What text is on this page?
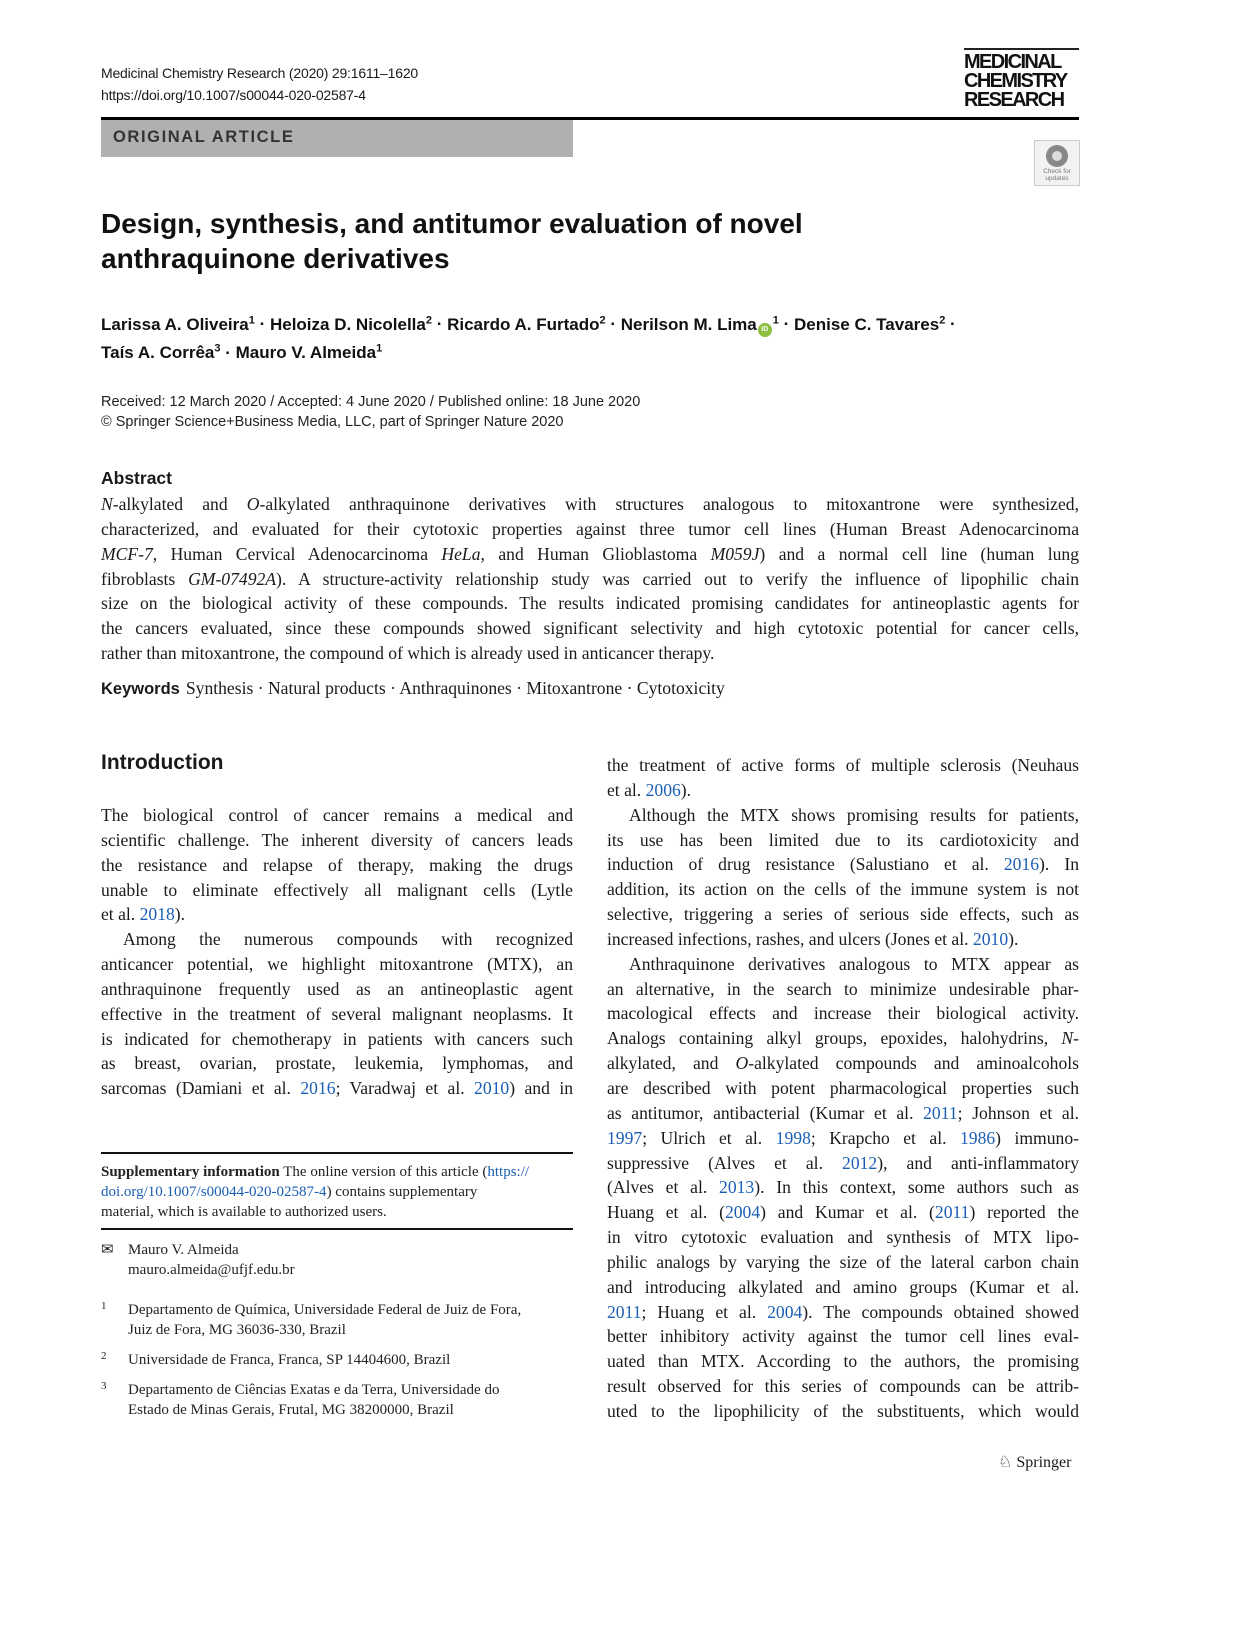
Medicinal Chemistry Research (2020) 29:1611–1620
https://doi.org/10.1007/s00044-020-02587-4
MEDICINAL
CHEMISTRY
RESEARCH
ORIGINAL ARTICLE
Check for updates
Design, synthesis, and antitumor evaluation of novel anthraquinone derivatives
Larissa A. Oliveira$^1$ · Heloiza D. Nicolella$^2$ · Ricardo A. Furtado$^2$ · Nerilson M. Lima $iD^1$ · Denise C. Tavares$^2$ ·
Taís A. Corrêa$^3$ · Mauro V. Almeida$^1$
Received: 12 March 2020 / Accepted: 4 June 2020 / Published online: 18 June 2020
© Springer Science+Business Media, LLC, part of Springer Nature 2020
Abstract
N-alkylated and O-alkylated anthraquinone derivatives with structures analogous to mitoxantrone were synthesized,
characterized, and evaluated for their cytotoxic properties against three tumor cell lines (Human Breast Adenocarcinoma
MCF-7, Human Cervical Adenocarcinoma HeLa, and Human Glioblastoma M059J) and a normal cell line (human lung
fibroblasts GM-07492A). A structure-activity relationship study was carried out to verify the influence of lipophilic chain
size on the biological activity of these compounds. The results indicated promising candidates for antineoplastic agents for
the cancers evaluated, since these compounds showed significant selectivity and high cytotoxic potential for cancer cells,
rather than mitoxantrone, the compound of which is already used in anticancer therapy.
Keywords Synthesis · Natural products · Anthraquinones · Mitoxantrone · Cytotoxicity
Introduction
The biological control of cancer remains a medical and
scientific challenge. The inherent diversity of cancers leads
the resistance and relapse of therapy, making the drugs
unable to eliminate effectively all malignant cells (Lytle
et al. 2018).
Among the numerous compounds with recognized
anticancer potential, we highlight mitoxantrone (MTX), an
anthraquinone frequently used as an antineoplastic agent
effective in the treatment of several malignant neoplasms. It
is indicated for chemotherapy in patients with cancers such
as breast, ovarian, prostate, leukemia, lymphomas, and
sarcomas (Damiani et al. 2016; Varadwaj et al. 2010) and in
the treatment of active forms of multiple sclerosis (Neuhaus
et al. 2006).
Although the MTX shows promising results for patients,
its use has been limited due to its cardiotoxicity and
induction of drug resistance (Salustiano et al. 2016). In
addition, its action on the cells of the immune system is not
selective, triggering a series of serious side effects, such as
increased infections, rashes, and ulcers (Jones et al. 2010).
Anthraquinone derivatives analogous to MTX appear as
an alternative, in the search to minimize undesirable phar-
macological effects and increase their biological activity.
Analogs containing alkyl groups, epoxides, halohydrins, N-
alkylated, and O-alkylated compounds and aminoalcohols
are described with potent pharmacological properties such
as antitumor, antibacterial (Kumar et al. 2011; Johnson et al.
1997; Ulrich et al. 1998; Krapcho et al. 1986) immuno-
suppressive (Alves et al. 2012), and anti-inflammatory
(Alves et al. 2013). In this context, some authors such as
Huang et al. (2004) and Kumar et al. (2011) reported the
in vitro cytotoxic evaluation and synthesis of MTX lipo-
philic analogs by varying the size of the lateral carbon chain
and introducing alkylated and amino groups (Kumar et al.
2011; Huang et al. 2004). The compounds obtained showed
better inhibitory activity against the tumor cell lines eval-
uated than MTX. According to the authors, the promising
result observed for this series of compounds can be attrib-
uted to the lipophilicity of the substituents, which would
Supplementary information The online version of this article (https://
doi.org/10.1007/s00044-020-02587-4) contains supplementary
material, which is available to authorized users.
✉ Mauro V. Almeida
mauro.almeida@ufjf.edu.br
1 Departamento de Química, Universidade Federal de Juiz de Fora,
Juiz de Fora, MG 36036-330, Brazil
2 Universidade de Franca, Franca, SP 14404600, Brazil
3 Departamento de Ciências Exatas e da Terra, Universidade do
Estado de Minas Gerais, Frutal, MG 38200000, Brazil
♘ Springer
